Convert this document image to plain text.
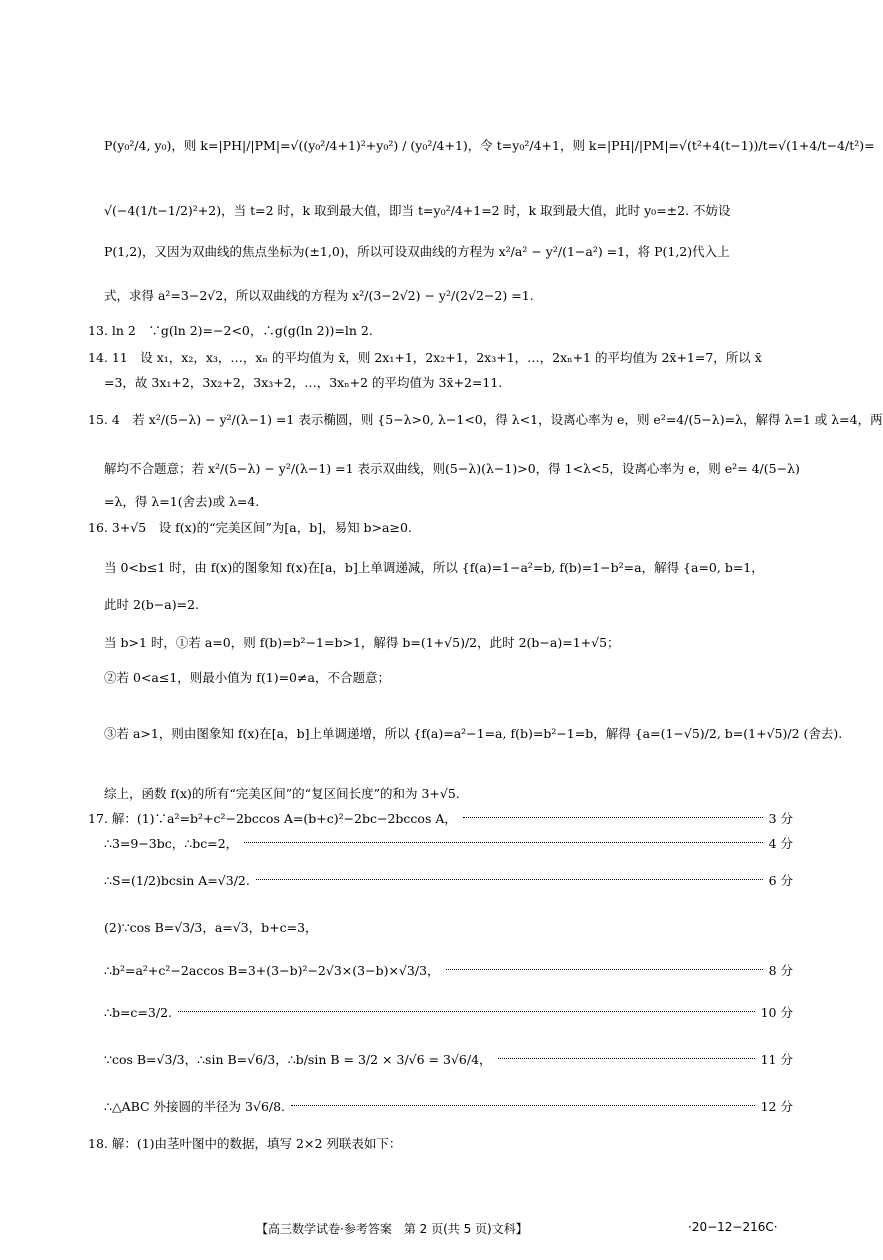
P(y₀²/4, y₀)，则 k=|PH|/|PM|=√((y₀²/4+1)²+y₀²) / (y₀²/4+1)，令 t=y₀²/4+1，则 k=|PH|/|PM|=√(t²+4(t−1))/t=√(1+4/t−4/t²)=
√(−4(1/t−1/2)²+2)，当 t=2 时，k 取到最大值，即当 t=y₀²/4+1=2 时，k 取到最大值，此时 y₀=±2. 不妨设
P(1,2)，又因为双曲线的焦点坐标为(±1,0)，所以可设双曲线的方程为 x²/a² − y²/(1−a²) =1，将 P(1,2)代入上
式，求得 a²=3−2√2，所以双曲线的方程为 x²/(3−2√2) − y²/(2√2−2) =1.
13. ln 2　∵g(ln 2)=−2<0，∴g(g(ln 2))=ln 2.
14. 11　设 x₁，x₂，x₃，…，xₙ 的平均值为 x̄，则 2x₁+1，2x₂+1，2x₃+1，…，2xₙ+1 的平均值为 2x̄+1=7，所以 x̄
=3，故 3x₁+2，3x₂+2，3x₃+2，…，3xₙ+2 的平均值为 3x̄+2=11.
15. 4　若 x²/(5−λ) − y²/(λ−1) =1 表示椭圆，则 {5−λ>0, λ−1<0，得 λ<1，设离心率为 e，则 e²=4/(5−λ)=λ，解得 λ=1 或 λ=4，两
解均不合题意；若 x²/(5−λ) − y²/(λ−1) =1 表示双曲线，则(5−λ)(λ−1)>0，得 1<λ<5，设离心率为 e，则 e²= 4/(5−λ)
=λ，得 λ=1(舍去)或 λ=4.
16. 3+√5　设 f(x)的“完美区间”为[a，b]，易知 b>a≥0.
当 0<b≤1 时，由 f(x)的图象知 f(x)在[a，b]上单调递减，所以 {f(a)=1−a²=b, f(b)=1−b²=a，解得 {a=0, b=1，
此时 2(b−a)=2.
当 b>1 时，①若 a=0，则 f(b)=b²−1=b>1，解得 b=(1+√5)/2，此时 2(b−a)=1+√5；
②若 0<a≤1，则最小值为 f(1)=0≠a，不合题意；
③若 a>1，则由图象知 f(x)在[a，b]上单调递增，所以 {f(a)=a²−1=a, f(b)=b²−1=b，解得 {a=(1−√5)/2, b=(1+√5)/2 (舍去).
综上，函数 f(x)的所有“完美区间”的“复区间长度”的和为 3+√5.
17. 解：(1)∵a²=b²+c²−2bccos A=(b+c)²−2bc−2bccos A，	3 分
∴3=9−3bc，∴bc=2，	4 分
∴S=(1/2)bcsin A=√3/2.	6 分
(2)∵cos B=√3/3，a=√3，b+c=3，
∴b²=a²+c²−2accos B=3+(3−b)²−2√3×(3−b)×√3/3，	8 分
∴b=c=3/2.	10 分
∵cos B=√3/3，∴sin B=√6/3，∴b/sin B = 3/2 × 3/√6 = 3√6/4，	11 分
∴△ABC 外接圆的半径为 3√6/8.	12 分
18. 解：(1)由茎叶图中的数据，填写 2×2 列联表如下：
【高三数学试卷·参考答案　第 2 页(共 5 页)文科】	·20−12−216C·
